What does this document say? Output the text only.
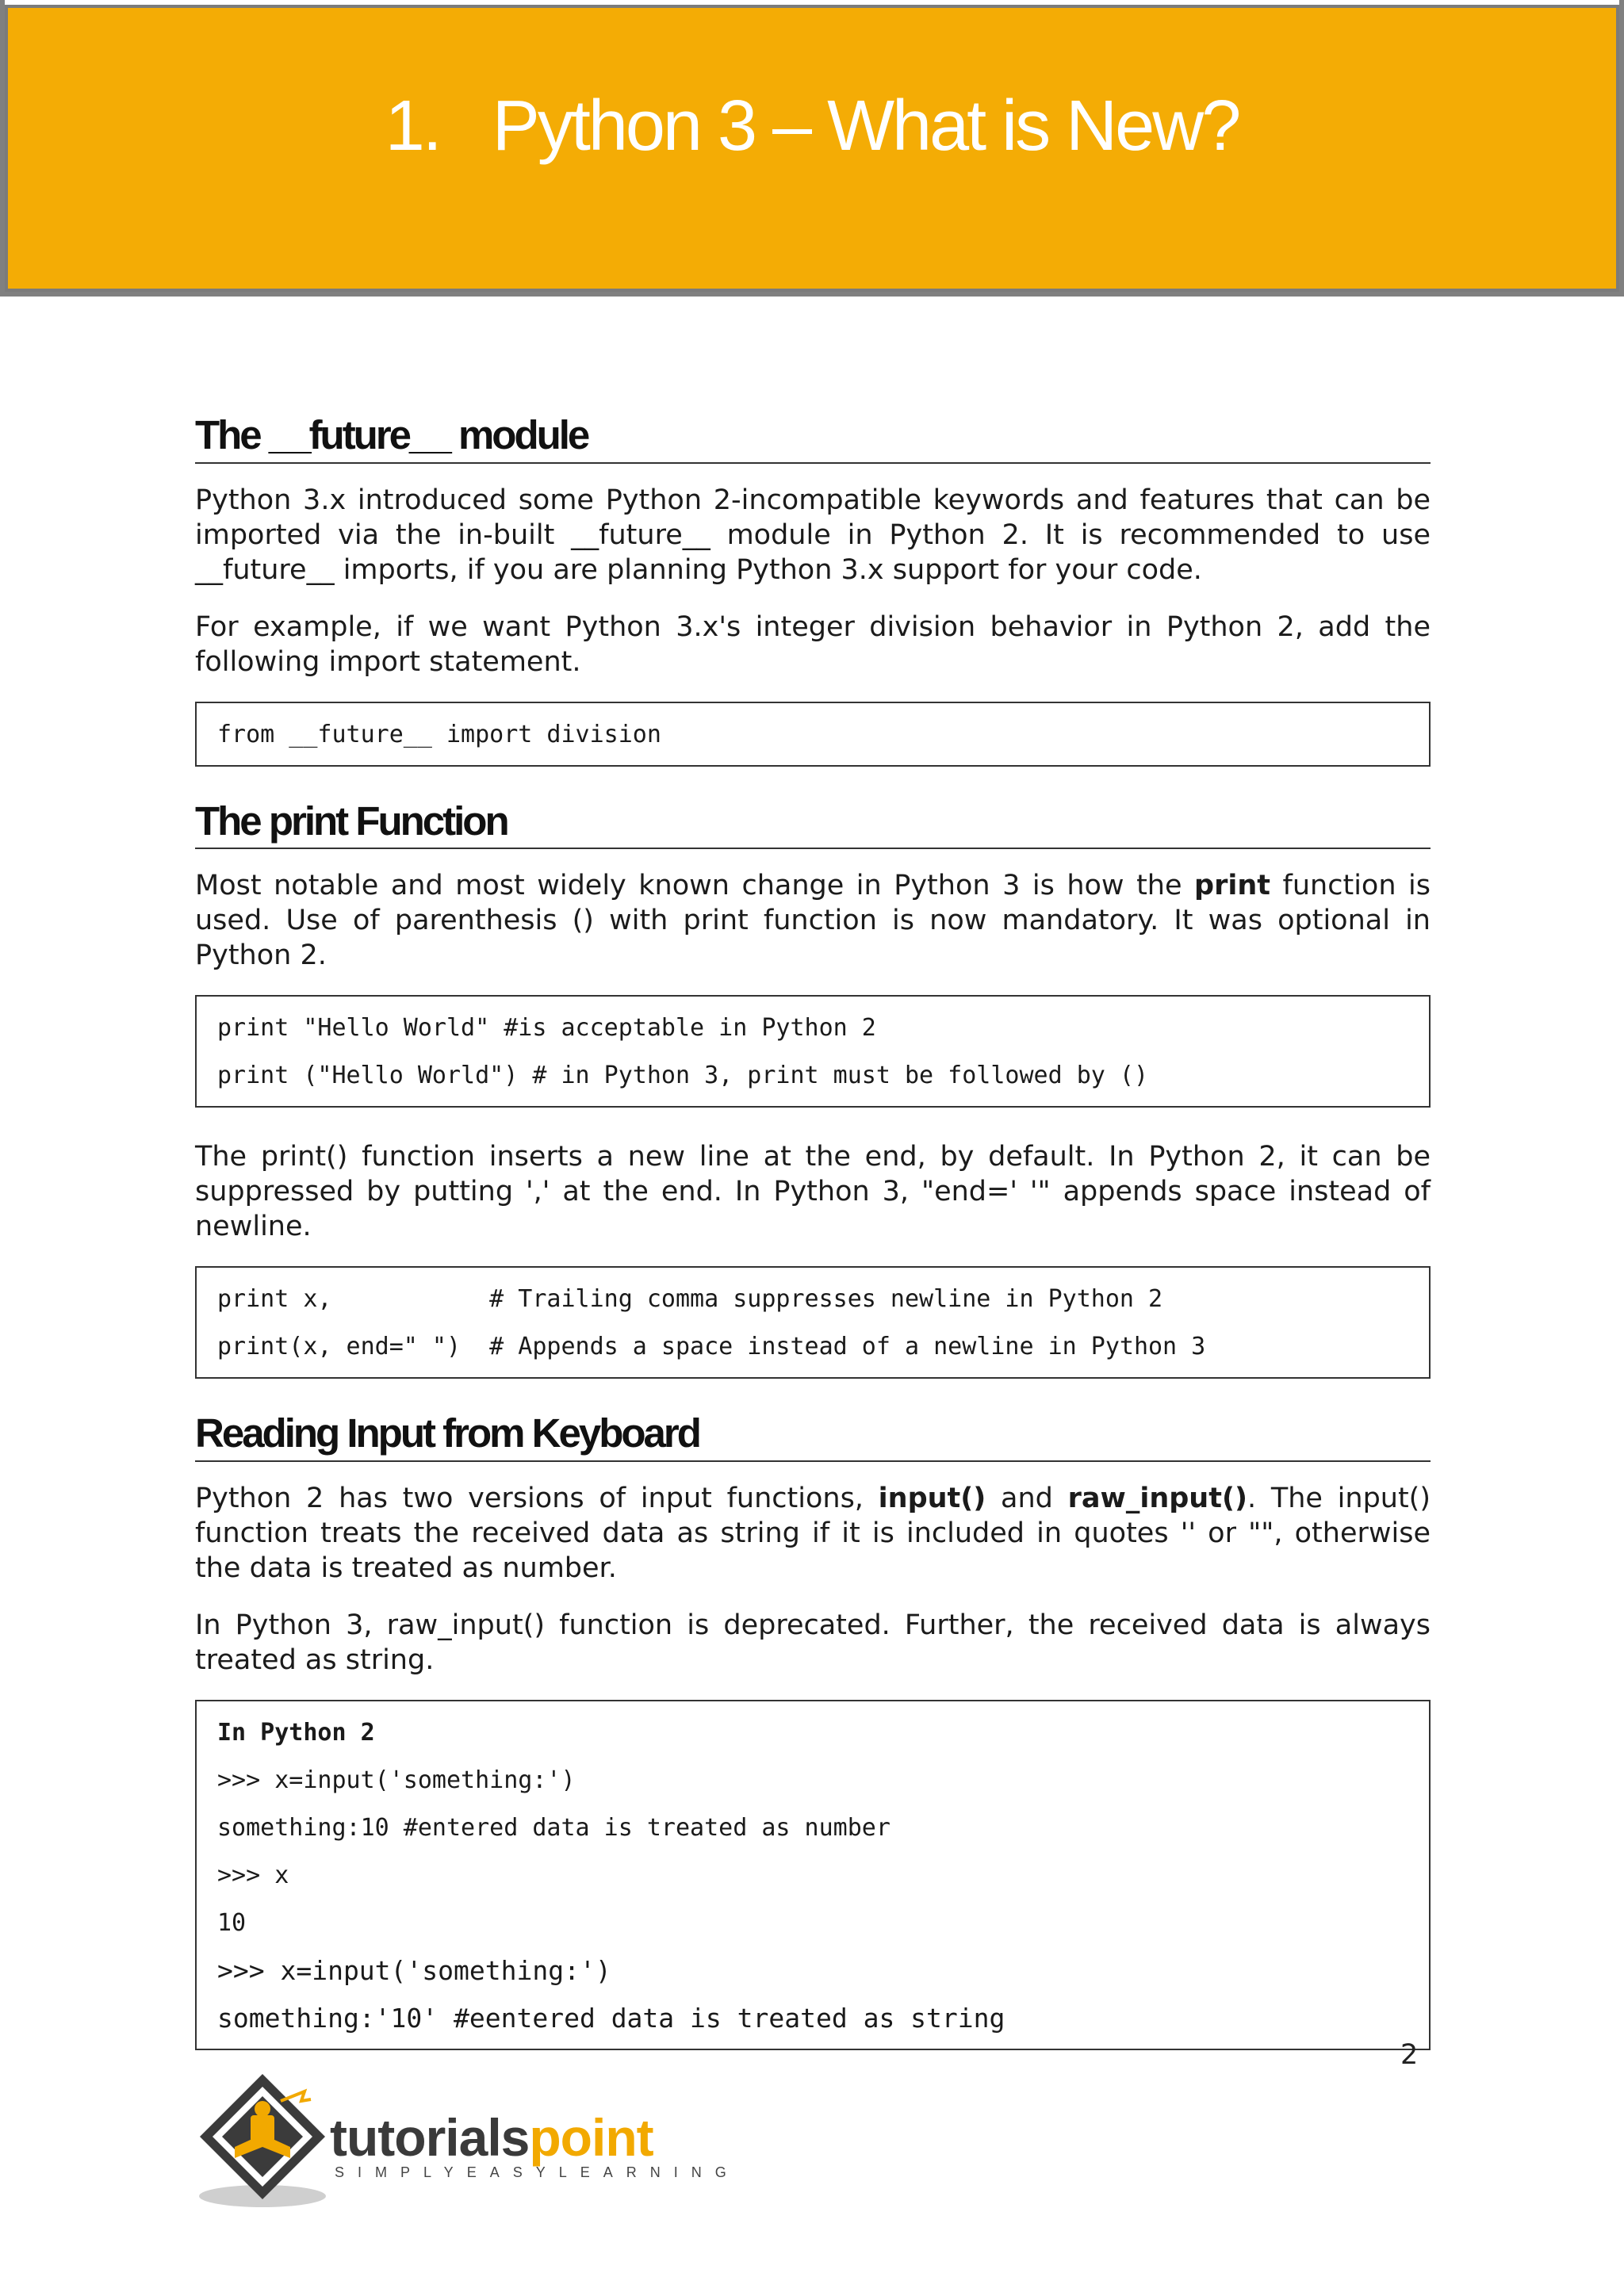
1.   Python 3 – What is New?
The __future__ module

Python 3.x introduced some Python 2-incompatible keywords and features that can be imported via the in-built __future__ module in Python 2. It is recommended to use __future__ imports, if you are planning Python 3.x support for your code.

For example, if we want Python 3.x's integer division behavior in Python 2, add the following import statement.

from __future__ import division
The print Function

Most notable and most widely known change in Python 3 is how the print function is used. Use of parenthesis () with print function is now mandatory. It was optional in Python 2.

print "Hello World" #is acceptable in Python 2
print ("Hello World") # in Python 3, print must be followed by ()

The print() function inserts a new line at the end, by default. In Python 2, it can be suppressed by putting ',' at the end. In Python 3, "end=' '" appends space instead of newline.

print x,           # Trailing comma suppresses newline in Python 2
print(x, end=" ")  # Appends a space instead of a newline in Python 3
Reading Input from Keyboard

Python 2 has two versions of input functions, input() and raw_input(). The input() function treats the received data as string if it is included in quotes '' or "", otherwise the data is treated as number.

In Python 3, raw_input() function is deprecated. Further, the received data is always treated as string.

In Python 2
>>> x=input('something:')
something:10 #entered data is treated as number
>>> x
10
>>> x=input('something:')
something:'10' #eentered data is treated as string
2
tutorialspoint
SIMPLYEASYLEARNING
